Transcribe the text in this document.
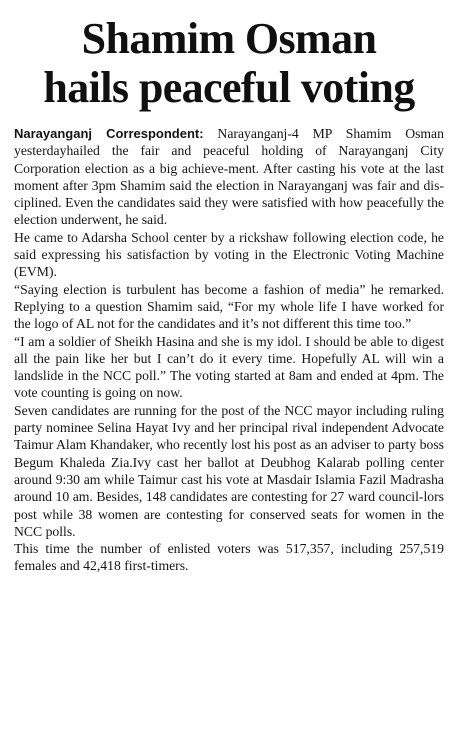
Shamim Osman
hails peaceful voting

Narayanganj Correspondent: Narayanganj-4 MP Shamim Osman yesterdayhailed the fair and peaceful holding of Narayanganj City Corporation election as a big achieve-ment. After casting his vote at the last moment after 3pm Shamim said the election in Narayanganj was fair and dis-ciplined. Even the candidates said they were satisfied with how peacefully the election underwent, he said.

He came to Adarsha School center by a rickshaw following election code, he said expressing his satisfaction by voting in the Electronic Voting Machine (EVM).

“Saying election is turbulent has become a fashion of media” he remarked. Replying to a question Shamim said, “For my whole life I have worked for the logo of AL not for the candidates and it’s not different this time too.”

“I am a soldier of Sheikh Hasina and she is my idol. I should be able to digest all the pain like her but I can’t do it every time. Hopefully AL will win a landslide in the NCC poll.” The voting started at 8am and ended at 4pm. The vote counting is going on now.

Seven candidates are running for the post of the NCC mayor including ruling party nominee Selina Hayat Ivy and her principal rival independent Advocate Taimur Alam Khandaker, who recently lost his post as an adviser to party boss Begum Khaleda Zia.Ivy cast her ballot at Deubhog Kalarab polling center around 9:30 am while Taimur cast his vote at Masdair Islamia Fazil Madrasha around 10 am. Besides, 148 candidates are contesting for 27 ward council-lors post while 38 women are contesting for conserved seats for women in the NCC polls.

This time the number of enlisted voters was 517,357, including 257,519 females and 42,418 first-timers.
